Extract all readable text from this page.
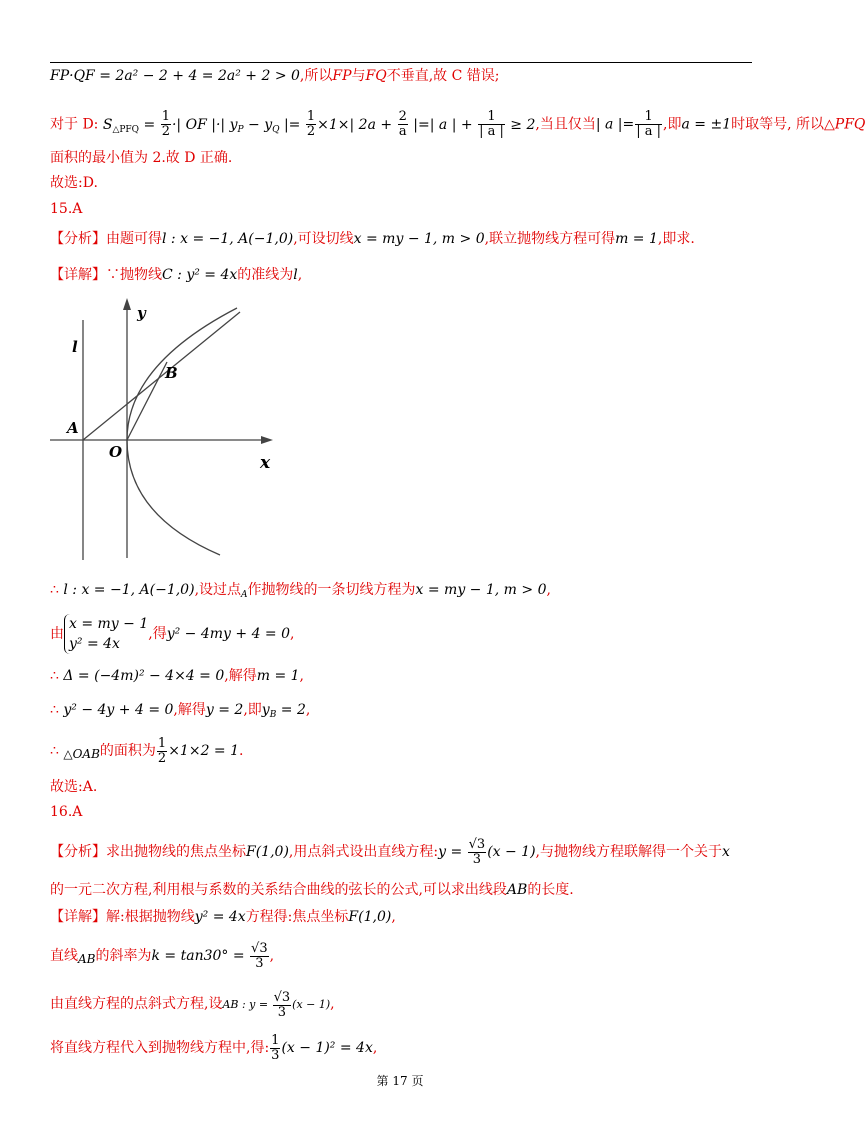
FP·QF = 2a² − 2 + 4 = 2a² + 2 > 0,所以FP与FQ不垂直,故 C 错误;
对于 D: $S_{\triangle PFQ} = \frac{1}{2}$ ·| OF |·| $y_P - y_Q$ |= $\frac{1}{2} \times 1\times|$ $2a + \frac{2}{a}$ |=| a | + $\frac{1}{| a |} \ge 2$,当且仅当| a |= $\frac{1}{| a |}$ ,即a = ±1时取等号, 所以△PFQ
面积的最小值为 2.故 D 正确.
故选:D.
15.A
【分析】由题可得l : x = −1, A(−1,0),可设切线x = my − 1, m > 0,联立抛物线方程可得m = 1,即求.
【详解】∵抛物线C : y² = 4x的准线为l,
y
l
B
A
O
x
∴ l : x = −1, A(−1,0),设过点$_A$作抛物线的一条切线方程为x = my − 1, m > 0,
由
x = my − 1
y² = 4x
,得y² − 4my + 4 = 0,
∴ Δ = (−4m)² − 4×4 = 0,解得m = 1,
∴ y² − 4y + 4 = 0,解得y = 2,即$y_B = 2$,
∴ △OAB的面积为 $\frac{1}{2} \times 1\times 2 = 1$.
故选:A.
16.A
【分析】求出抛物线的焦点坐标F(1,0),用点斜式设出直线方程:y = $\frac{√3}{3} (x - 1)$,与抛物线方程联解得一个关于x
的一元二次方程,利用根与系数的关系结合曲线的弦长的公式,可以求出线段AB的长度.
【详解】解:根据抛物线y² = 4x方程得:焦点坐标F(1,0),
直线AB的斜率为$k = \tan 30^\circ = \frac{√3}{3}$ ,
由直线方程的点斜式方程,设AB : $y = \frac{√3}{3} (x - 1)$,
将直线方程代入到抛物线方程中,得: $\frac{1}{3} (x - 1)^2 = 4x$,
第 17 页
